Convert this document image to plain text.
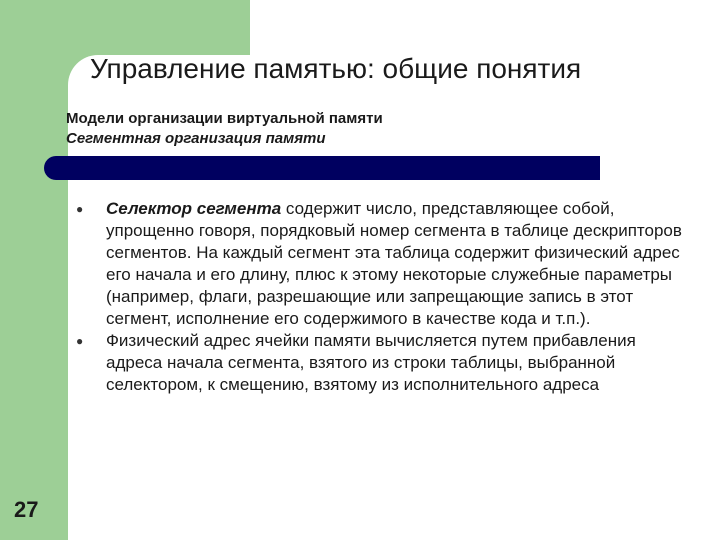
Управление памятью: общие понятия
Модели организации виртуальной памяти
Сегментная организация памяти
● Селектор сегмента содержит число, представляющее собой, упрощенно говоря, порядковый номер сегмента в таблице дескрипторов сегментов. На каждый сегмент эта таблица содержит физический адрес его начала и его длину, плюс к этому некоторые служебные параметры (например, флаги, разрешающие или запрещающие запись в этот сегмент, исполнение его содержимого в качестве кода и т.п.).
● Физический адрес ячейки памяти вычисляется путем прибавления адреса начала сегмента, взятого из строки таблицы, выбранной селектором, к смещению, взятому из исполнительного адреса
27
